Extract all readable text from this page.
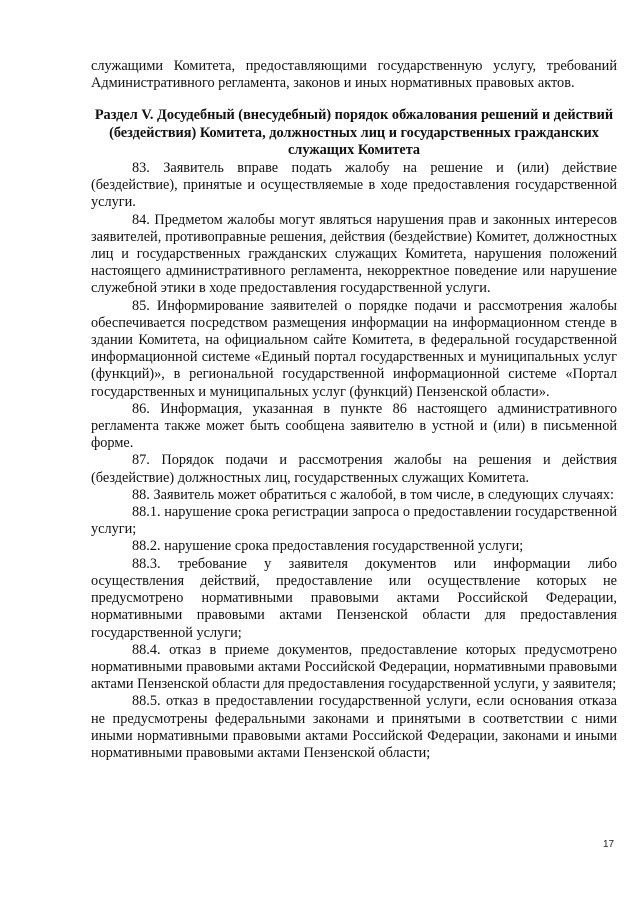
служащими Комитета, предоставляющими государственную услугу, требований Административного регламента, законов и иных нормативных правовых актов.

Раздел V. Досудебный (внесудебный) порядок обжалования решений и действий (бездействия) Комитета, должностных лиц и государственных гражданских служащих Комитета

83. Заявитель вправе подать жалобу на решение и (или) действие (бездействие), принятые и осуществляемые в ходе предоставления государственной услуги.

84. Предметом жалобы могут являться нарушения прав и законных интересов заявителей, противоправные решения, действия (бездействие) Комитет, должностных лиц и государственных гражданских служащих Комитета, нарушения положений настоящего административного регламента, некорректное поведение или нарушение служебной этики в ходе предоставления государственной услуги.

85. Информирование заявителей о порядке подачи и рассмотрения жалобы обеспечивается посредством размещения информации на информационном стенде в здании Комитета, на официальном сайте Комитета, в федеральной государственной информационной системе «Единый портал государственных и муниципальных услуг (функций)», в региональной государственной информационной системе «Портал государственных и муниципальных услуг (функций) Пензенской области».

86. Информация, указанная в пункте 86 настоящего административного регламента также может быть сообщена заявителю в устной и (или) в письменной форме.

87. Порядок подачи и рассмотрения жалобы на решения и действия (бездействие) должностных лиц, государственных служащих Комитета.

88. Заявитель может обратиться с жалобой, в том числе, в следующих случаях:

88.1. нарушение срока регистрации запроса о предоставлении государственной услуги;

88.2. нарушение срока предоставления государственной услуги;

88.3. требование у заявителя документов или информации либо осуществления действий, предоставление или осуществление которых не предусмотрено нормативными правовыми актами Российской Федерации, нормативными правовыми актами Пензенской области для предоставления государственной услуги;

88.4. отказ в приеме документов, предоставление которых предусмотрено нормативными правовыми актами Российской Федерации, нормативными правовыми актами Пензенской области для предоставления государственной услуги, у заявителя;

88.5. отказ в предоставлении государственной услуги, если основания отказа не предусмотрены федеральными законами и принятыми в соответствии с ними иными нормативными правовыми актами Российской Федерации, законами и иными нормативными правовыми актами Пензенской области;

17
